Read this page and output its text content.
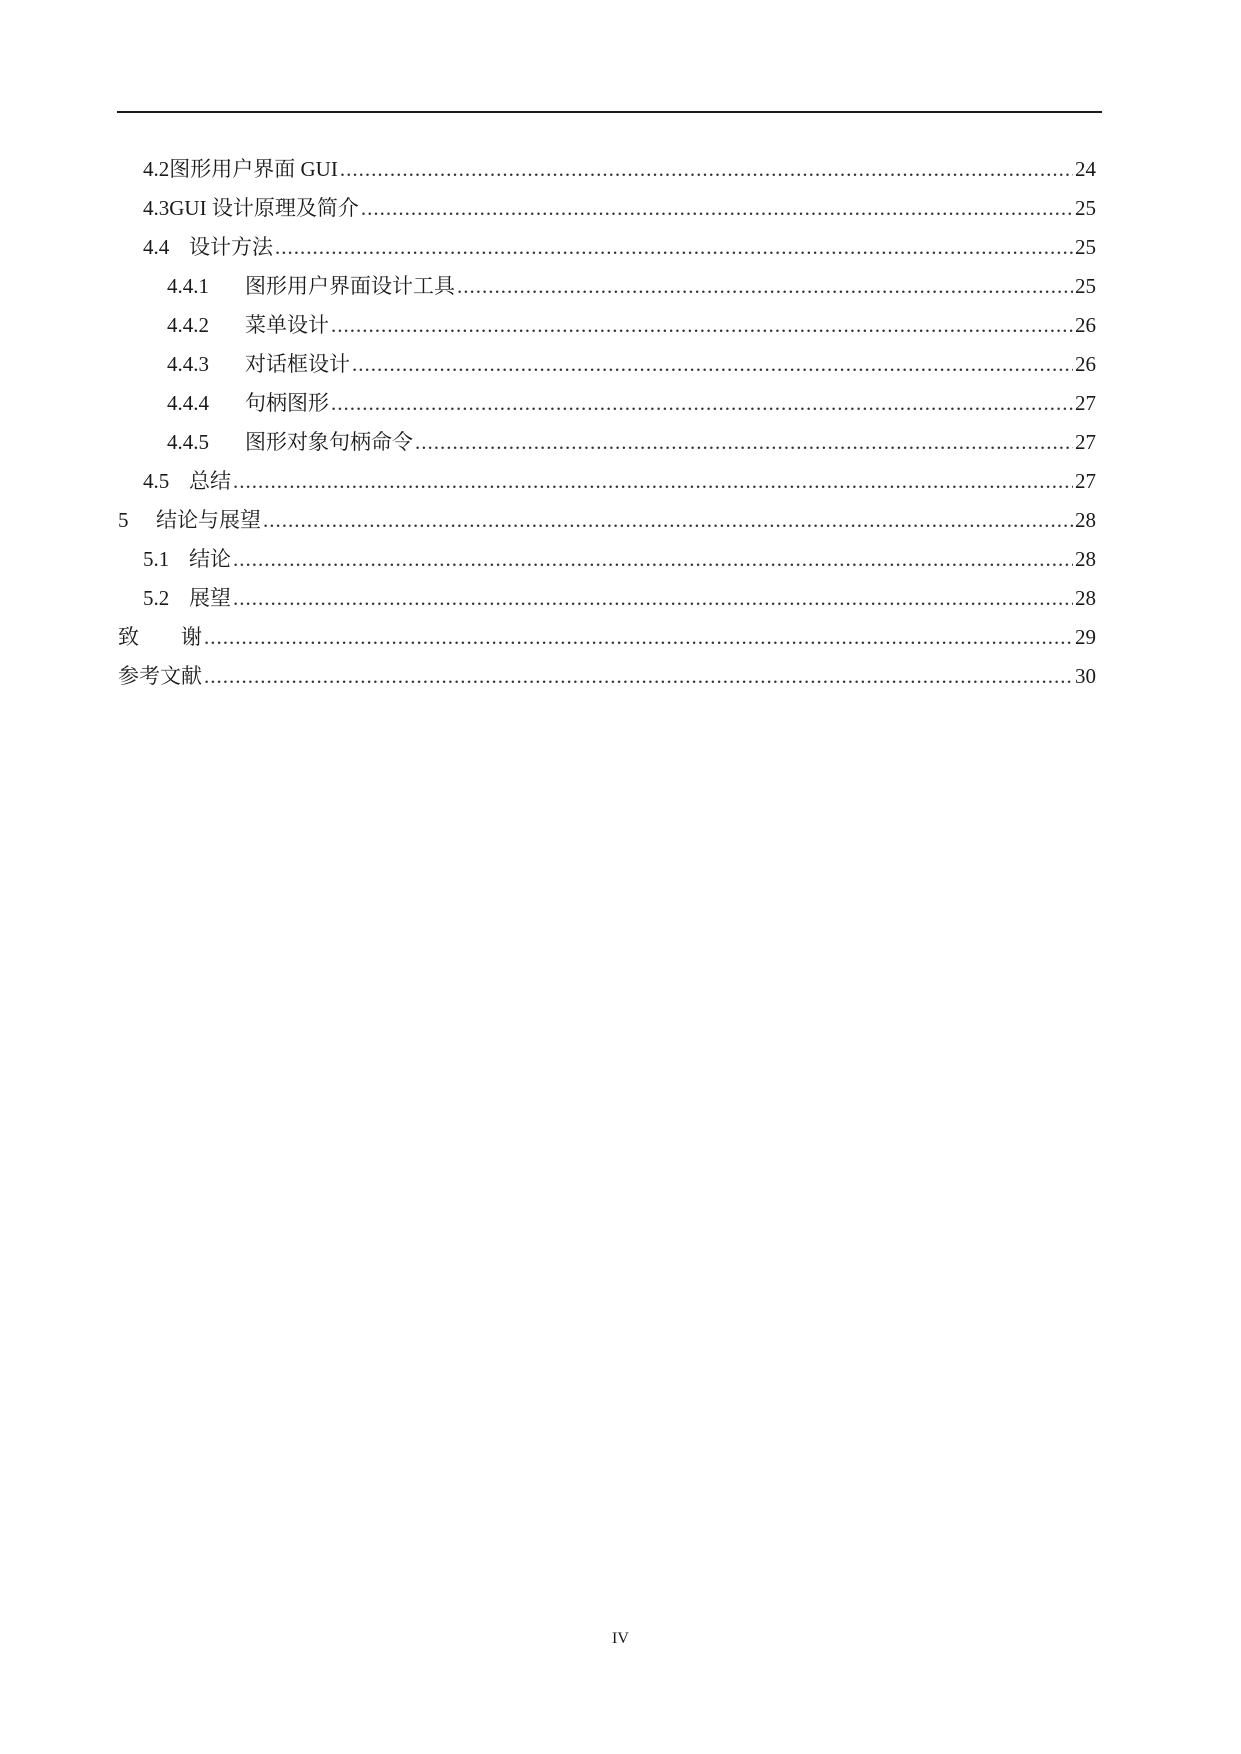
4.2 图形用户界面 GUI .....	24
4.3 GUI 设计原理及简介 .....	25
4.4 设计方法 .....	25
4.4.1	图形用户界面设计工具 .....	25
4.4.2	菜单设计 .....	26
4.4.3	对话框设计 .....	26
4.4.4	句柄图形 .....	27
4.4.5	图形对象句柄命令 .....	27
4.5 总结 .....	27
5	结论与展望 .....	28
5.1 结论 .....	28
5.2 展望 .....	28
致　　谢 .....	29
参考文献 .....	30
IV
